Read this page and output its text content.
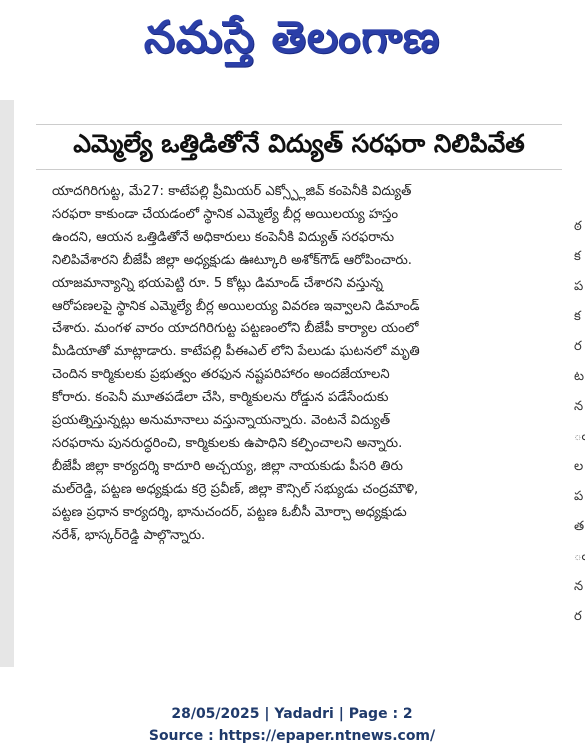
నమస్తే తెలంగాణ
ఠ
క
ప
క
ర
ట
న
ఁ
ల
ప
త
ఁ
న
ర
ఎమ్మెల్యే ఒత్తిడితోనే విద్యుత్ సరఫరా నిలిపివేత
యాదగిరిగుట్ట, మే27: కాటేపల్లి ప్రీమియర్ ఎక్స్ప్లోజివ్ కంపెనీకి విద్యుత్
సరఫరా కాకుండా చేయడంలో స్థానిక ఎమ్మెల్యే బీర్ల అయిలయ్య హస్తం
ఉందని, ఆయన ఒత్తిడితోనే అధికారులు కంపెనీకి విద్యుత్ సరఫరాను
నిలిపివేశారని బీజేపీ జిల్లా అధ్యక్షుడు ఊట్కూరి అశోక్‌గౌడ్ ఆరోపించారు.
యాజమాన్యాన్ని భయపెట్టి రూ. 5 కోట్లు డిమాండ్ చేశారని వస్తున్న
ఆరోపణలపై స్థానిక ఎమ్మెల్యే బీర్ల అయిలయ్య వివరణ ఇవ్వాలని డిమాండ్
చేశారు. మంగళ వారం యాదగిరిగుట్ట పట్టణంలోని బీజేపీ కార్యాల యంలో
మీడియాతో మాట్లాడారు. కాటేపల్లి పీఈఎల్ లోని పేలుడు ఘటనలో మృతి
చెందిన కార్మికులకు ప్రభుత్వం తరఫున నష్టపరిహారం అందజేయాలని
కోరారు. కంపెనీ మూతపడేలా చేసి, కార్మికులను రోడ్డున పడేసేందుకు
ప్రయత్నిస్తున్నట్లు అనుమానాలు వస్తున్నాయన్నారు. వెంటనే విద్యుత్
సరఫరాను పునరుద్ధరించి, కార్మికులకు ఉపాధిని కల్పించాలని అన్నారు.
బీజేపీ జిల్లా కార్యదర్శి కాదూరి అచ్చయ్య, జిల్లా నాయకుడు పీసరి తిరు
మల్‌రెడ్డి, పట్టణ అధ్యక్షుడు కర్రె ప్రవీణ్, జిల్లా కౌన్సిల్ సభ్యుడు చంద్రమౌళి,
పట్టణ ప్రధాన కార్యదర్శి, భానుచందర్, పట్టణ ఓబీసీ మోర్చా అధ్యక్షుడు
నరేశ్, భాస్కర్‌రెడ్డి పాల్గొన్నారు.
28/05/2025 | Yadadri | Page : 2
Source : https://epaper.ntnews.com/
